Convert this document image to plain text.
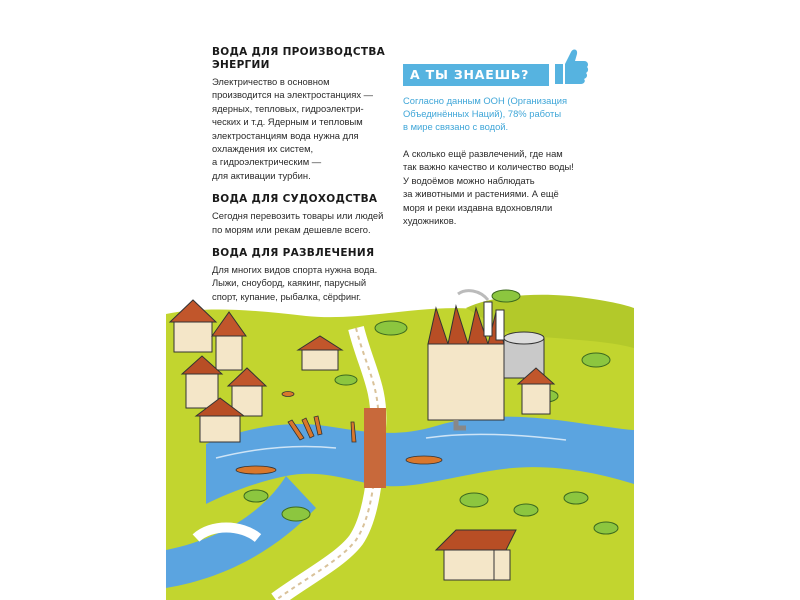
ВОДА ДЛЯ ПРОИЗВОДСТВА
ЭНЕРГИИ
Электричество в основном
производится на электростанциях —
ядерных, тепловых, гидроэлектри-
ческих и т.д. Ядерным и тепловым
электростанциям вода нужна для
охлаждения их систем,
а гидроэлектрическим —
для активации турбин.
ВОДА ДЛЯ СУДОХОДСТВА
Сегодня перевозить товары или людей
по морям или рекам дешевле всего.
ВОДА ДЛЯ РАЗВЛЕЧЕНИЯ
Для многих видов спорта нужна вода.
Лыжи, сноуборд, каякинг, парусный
спорт, купание, рыбалка, сёрфинг.
А ТЫ ЗНАЕШЬ?
Согласно данным ООН (Организация
Объединённых Наций), 78% работы
в мире связано с водой.
А сколько ещё развлечений, где нам
так важно качество и количество воды!
У водоёмов можно наблюдать
за животными и растениями. А ещё
моря и реки издавна вдохновляли
художников.
